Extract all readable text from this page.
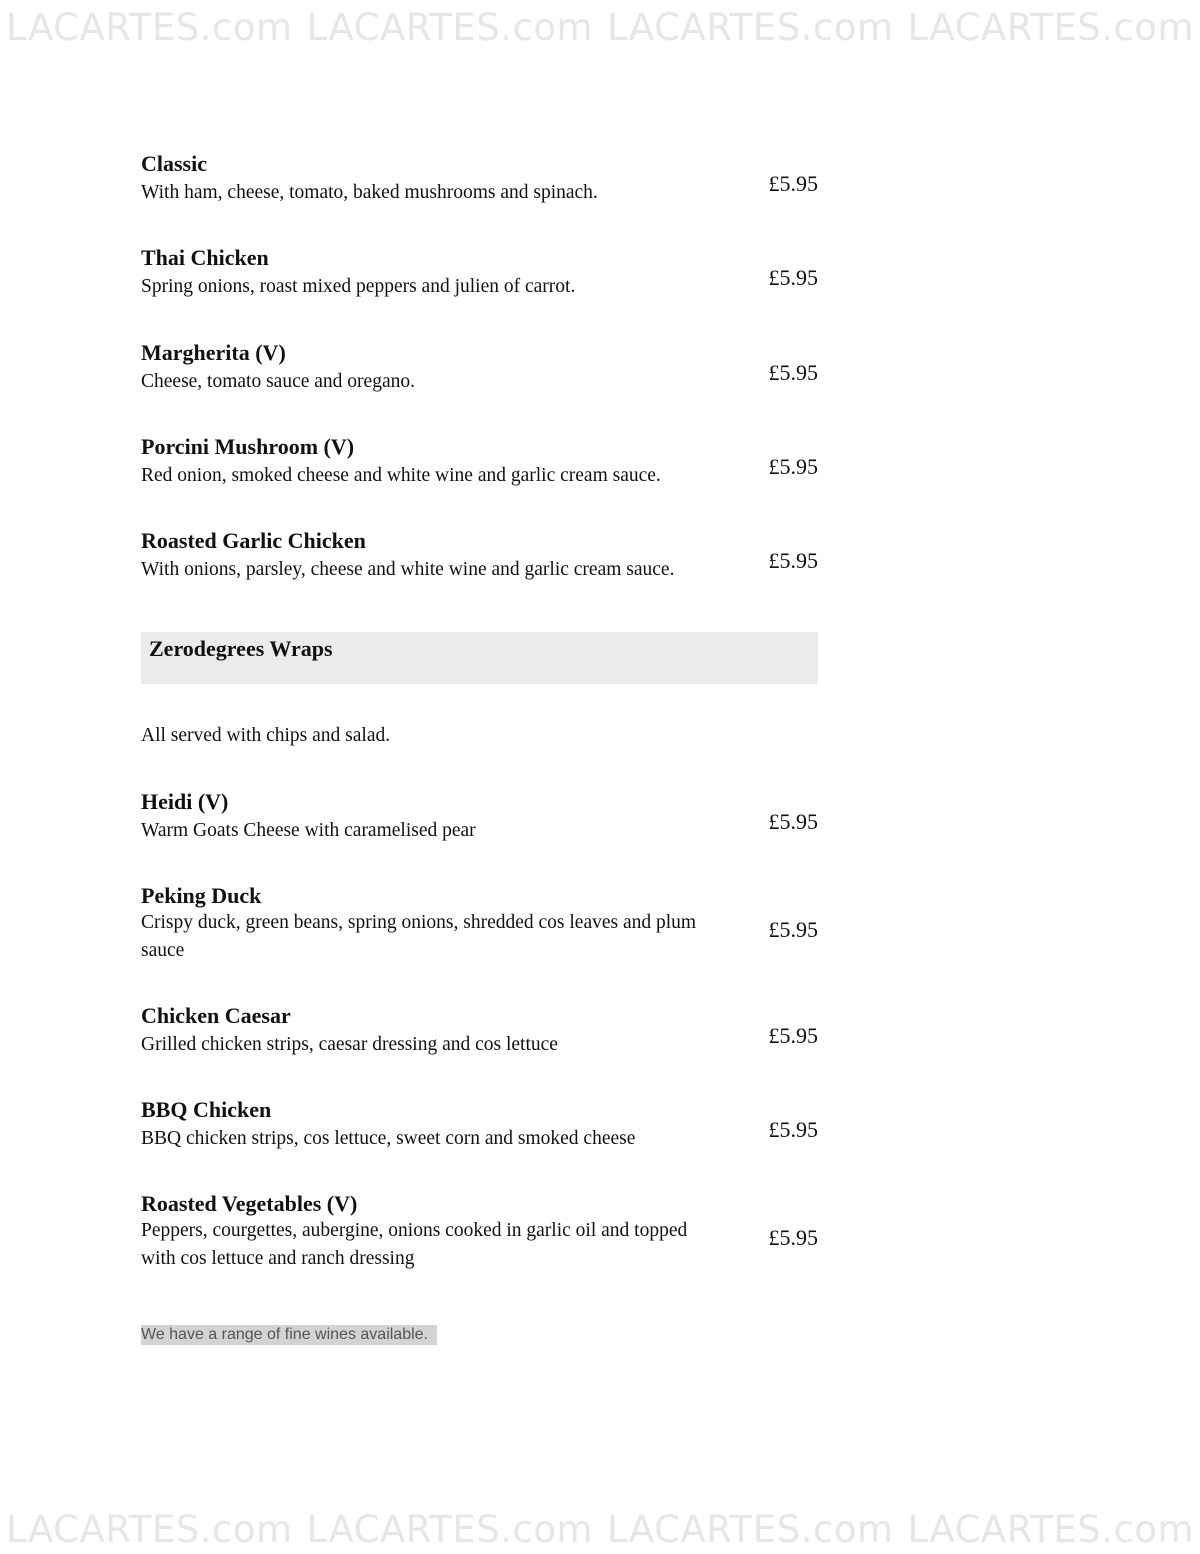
LACARTES.com LACARTES.com LACARTES.com LACARTES.com
Classic
With ham, cheese, tomato, baked mushrooms and spinach.	£5.95
Thai Chicken
Spring onions, roast mixed peppers and julien of carrot.	£5.95
Margherita (V)
Cheese, tomato sauce and oregano.	£5.95
Porcini Mushroom (V)
Red onion, smoked cheese and white wine and garlic cream sauce.	£5.95
Roasted Garlic Chicken
With onions, parsley, cheese and white wine and garlic cream sauce.	£5.95
Zerodegrees Wraps
All served with chips and salad.
Heidi (V)
Warm Goats Cheese with caramelised pear	£5.95
Peking Duck
Crispy duck, green beans, spring onions, shredded cos leaves and plum sauce
£5.95
Chicken Caesar
Grilled chicken strips, caesar dressing and cos lettuce	£5.95
BBQ Chicken
BBQ chicken strips, cos lettuce, sweet corn and smoked cheese	£5.95
Roasted Vegetables (V)
Peppers, courgettes, aubergine, onions cooked in garlic oil and topped with cos lettuce and ranch dressing
£5.95
We have a range of fine wines available.
LACARTES.com LACARTES.com LACARTES.com LACARTES.com
